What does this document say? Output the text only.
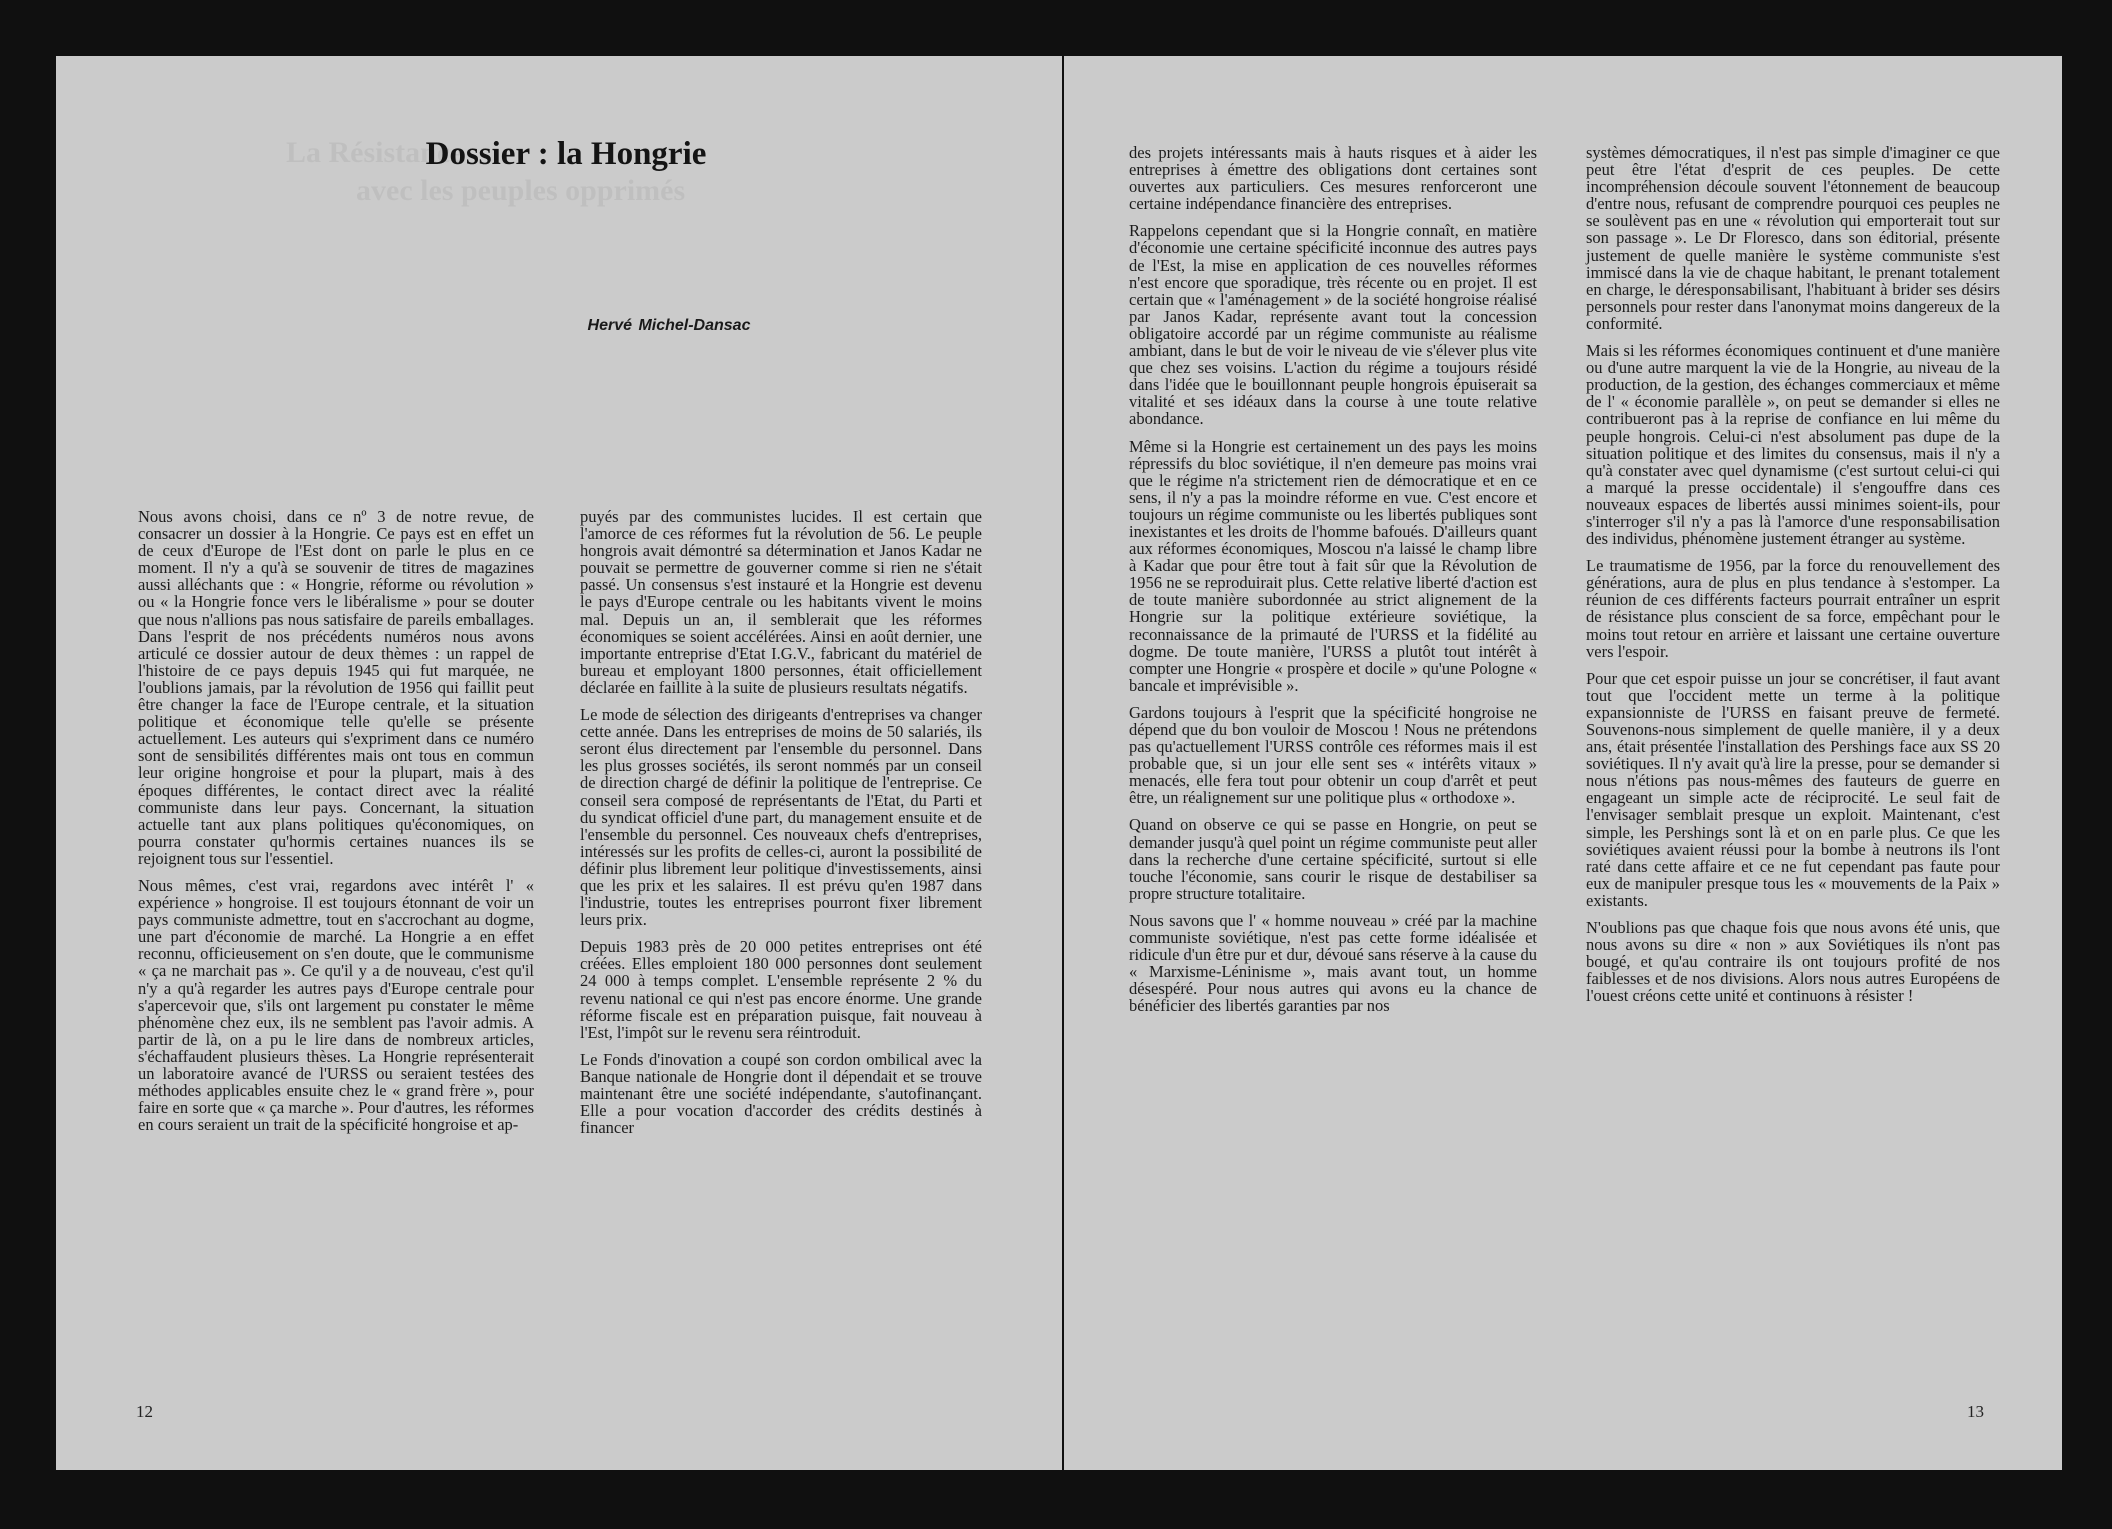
La Résistance
avec les peuples opprimés
Dossier : la Hongrie
Hervé Michel-Dansac

Nous avons choisi, dans ce nº 3 de notre revue, de consacrer un dossier à la Hongrie. Ce pays est en effet un de ceux d'Europe de l'Est dont on parle le plus en ce moment. Il n'y a qu'à se souvenir de titres de magazines aussi alléchants que : « Hongrie, réforme ou révolution » ou « la Hongrie fonce vers le libéralisme » pour se douter que nous n'allions pas nous satisfaire de pareils emballages. Dans l'esprit de nos précédents numéros nous avons articulé ce dossier autour de deux thèmes : un rappel de l'histoire de ce pays depuis 1945 qui fut marquée, ne l'oublions jamais, par la révolution de 1956 qui faillit peut être changer la face de l'Europe centrale, et la situation politique et économique telle qu'elle se présente actuellement. Les auteurs qui s'expriment dans ce numéro sont de sensibilités différentes mais ont tous en commun leur origine hongroise et pour la plupart, mais à des époques différentes, le contact direct avec la réalité communiste dans leur pays. Concernant, la situation actuelle tant aux plans politiques qu'économiques, on pourra constater qu'hormis certaines nuances ils se rejoignent tous sur l'essentiel.

Nous mêmes, c'est vrai, regardons avec intérêt l' « expérience » hongroise. Il est toujours étonnant de voir un pays communiste admettre, tout en s'accrochant au dogme, une part d'économie de marché. La Hongrie a en effet reconnu, officieusement on s'en doute, que le communisme « ça ne marchait pas ». Ce qu'il y a de nouveau, c'est qu'il n'y a qu'à regarder les autres pays d'Europe centrale pour s'apercevoir que, s'ils ont largement pu constater le même phénomène chez eux, ils ne semblent pas l'avoir admis. A partir de là, on a pu le lire dans de nombreux articles, s'échaffaudent plusieurs thèses. La Hongrie représenterait un laboratoire avancé de l'URSS ou seraient testées des méthodes applicables ensuite chez le « grand frère », pour faire en sorte que « ça marche ». Pour d'autres, les réformes en cours seraient un trait de la spécificité hongroise et ap-

puyés par des communistes lucides. Il est certain que l'amorce de ces réformes fut la révolution de 56. Le peuple hongrois avait démontré sa détermination et Janos Kadar ne pouvait se permettre de gouverner comme si rien ne s'était passé. Un consensus s'est instauré et la Hongrie est devenu le pays d'Europe centrale ou les habitants vivent le moins mal. Depuis un an, il semblerait que les réformes économiques se soient accélérées. Ainsi en août dernier, une importante entreprise d'Etat I.G.V., fabricant du matériel de bureau et employant 1800 personnes, était officiellement déclarée en faillite à la suite de plusieurs resultats négatifs.

Le mode de sélection des dirigeants d'entreprises va changer cette année. Dans les entreprises de moins de 50 salariés, ils seront élus directement par l'ensemble du personnel. Dans les plus grosses sociétés, ils seront nommés par un conseil de direction chargé de définir la politique de l'entreprise. Ce conseil sera composé de représentants de l'Etat, du Parti et du syndicat officiel d'une part, du management ensuite et de l'ensemble du personnel. Ces nouveaux chefs d'entreprises, intéressés sur les profits de celles-ci, auront la possibilité de définir plus librement leur politique d'investissements, ainsi que les prix et les salaires. Il est prévu qu'en 1987 dans l'industrie, toutes les entreprises pourront fixer librement leurs prix.

Depuis 1983 près de 20 000 petites entreprises ont été créées. Elles emploient 180 000 personnes dont seulement 24 000 à temps complet. L'ensemble représente 2 % du revenu national ce qui n'est pas encore énorme. Une grande réforme fiscale est en préparation puisque, fait nouveau à l'Est, l'impôt sur le revenu sera réintroduit.

Le Fonds d'inovation a coupé son cordon ombilical avec la Banque nationale de Hongrie dont il dépendait et se trouve maintenant être une société indépendante, s'autofinançant. Elle a pour vocation d'accorder des crédits destinés à financer

12

des projets intéressants mais à hauts risques et à aider les entreprises à émettre des obligations dont certaines sont ouvertes aux particuliers. Ces mesures renforceront une certaine indépendance financière des entreprises.

Rappelons cependant que si la Hongrie connaît, en matière d'économie une certaine spécificité inconnue des autres pays de l'Est, la mise en application de ces nouvelles réformes n'est encore que sporadique, très récente ou en projet. Il est certain que « l'aménagement » de la société hongroise réalisé par Janos Kadar, représente avant tout la concession obligatoire accordé par un régime communiste au réalisme ambiant, dans le but de voir le niveau de vie s'élever plus vite que chez ses voisins. L'action du régime a toujours résidé dans l'idée que le bouillonnant peuple hongrois épuiserait sa vitalité et ses idéaux dans la course à une toute relative abondance.

Même si la Hongrie est certainement un des pays les moins répressifs du bloc soviétique, il n'en demeure pas moins vrai que le régime n'a strictement rien de démocratique et en ce sens, il n'y a pas la moindre réforme en vue. C'est encore et toujours un régime communiste ou les libertés publiques sont inexistantes et les droits de l'homme bafoués. D'ailleurs quant aux réformes économiques, Moscou n'a laissé le champ libre à Kadar que pour être tout à fait sûr que la Révolution de 1956 ne se reproduirait plus. Cette relative liberté d'action est de toute manière subordonnée au strict alignement de la Hongrie sur la politique extérieure soviétique, la reconnaissance de la primauté de l'URSS et la fidélité au dogme. De toute manière, l'URSS a plutôt tout intérêt à compter une Hongrie « prospère et docile » qu'une Pologne « bancale et imprévisible ».

Gardons toujours à l'esprit que la spécificité hongroise ne dépend que du bon vouloir de Moscou ! Nous ne prétendons pas qu'actuellement l'URSS contrôle ces réformes mais il est probable que, si un jour elle sent ses « intérêts vitaux » menacés, elle fera tout pour obtenir un coup d'arrêt et peut être, un réalignement sur une politique plus « orthodoxe ».

Quand on observe ce qui se passe en Hongrie, on peut se demander jusqu'à quel point un régime communiste peut aller dans la recherche d'une certaine spécificité, surtout si elle touche l'économie, sans courir le risque de destabiliser sa propre structure totalitaire.

Nous savons que l' « homme nouveau » créé par la machine communiste soviétique, n'est pas cette forme idéalisée et ridicule d'un être pur et dur, dévoué sans réserve à la cause du « Marxisme-Léninisme », mais avant tout, un homme désespéré. Pour nous autres qui avons eu la chance de bénéficier des libertés garanties par nos

systèmes démocratiques, il n'est pas simple d'imaginer ce que peut être l'état d'esprit de ces peuples. De cette incompréhension découle souvent l'étonnement de beaucoup d'entre nous, refusant de comprendre pourquoi ces peuples ne se soulèvent pas en une « révolution qui emporterait tout sur son passage ». Le Dr Floresco, dans son éditorial, présente justement de quelle manière le système communiste s'est immiscé dans la vie de chaque habitant, le prenant totalement en charge, le déresponsabilisant, l'habituant à brider ses désirs personnels pour rester dans l'anonymat moins dangereux de la conformité.

Mais si les réformes économiques continuent et d'une manière ou d'une autre marquent la vie de la Hongrie, au niveau de la production, de la gestion, des échanges commerciaux et même de l' « économie parallèle », on peut se demander si elles ne contribueront pas à la reprise de confiance en lui même du peuple hongrois. Celui-ci n'est absolument pas dupe de la situation politique et des limites du consensus, mais il n'y a qu'à constater avec quel dynamisme (c'est surtout celui-ci qui a marqué la presse occidentale) il s'engouffre dans ces nouveaux espaces de libertés aussi minimes soient-ils, pour s'interroger s'il n'y a pas là l'amorce d'une responsabilisation des individus, phénomène justement étranger au système.

Le traumatisme de 1956, par la force du renouvellement des générations, aura de plus en plus tendance à s'estomper. La réunion de ces différents facteurs pourrait entraîner un esprit de résistance plus conscient de sa force, empêchant pour le moins tout retour en arrière et laissant une certaine ouverture vers l'espoir.

Pour que cet espoir puisse un jour se concrétiser, il faut avant tout que l'occident mette un terme à la politique expansionniste de l'URSS en faisant preuve de fermeté. Souvenons-nous simplement de quelle manière, il y a deux ans, était présentée l'installation des Pershings face aux SS 20 soviétiques. Il n'y avait qu'à lire la presse, pour se demander si nous n'étions pas nous-mêmes des fauteurs de guerre en engageant un simple acte de réciprocité. Le seul fait de l'envisager semblait presque un exploit. Maintenant, c'est simple, les Pershings sont là et on en parle plus. Ce que les soviétiques avaient réussi pour la bombe à neutrons ils l'ont raté dans cette affaire et ce ne fut cependant pas faute pour eux de manipuler presque tous les « mouvements de la Paix » existants.

N'oublions pas que chaque fois que nous avons été unis, que nous avons su dire « non » aux Soviétiques ils n'ont pas bougé, et qu'au contraire ils ont toujours profité de nos faiblesses et de nos divisions. Alors nous autres Européens de l'ouest créons cette unité et continuons à résister !

13
